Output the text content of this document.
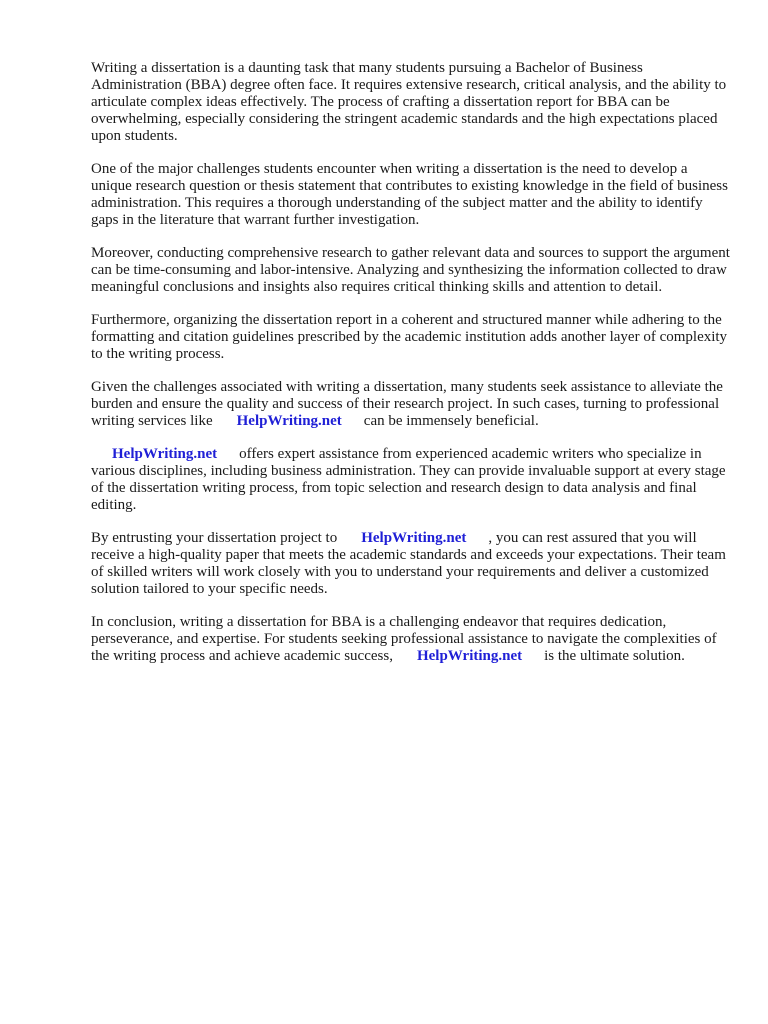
Writing a dissertation is a daunting task that many students pursuing a Bachelor of Business Administration (BBA) degree often face. It requires extensive research, critical analysis, and the ability to articulate complex ideas effectively. The process of crafting a dissertation report for BBA can be overwhelming, especially considering the stringent academic standards and the high expectations placed upon students.

One of the major challenges students encounter when writing a dissertation is the need to develop a unique research question or thesis statement that contributes to existing knowledge in the field of business administration. This requires a thorough understanding of the subject matter and the ability to identify gaps in the literature that warrant further investigation.

Moreover, conducting comprehensive research to gather relevant data and sources to support the argument can be time-consuming and labor-intensive. Analyzing and synthesizing the information collected to draw meaningful conclusions and insights also requires critical thinking skills and attention to detail.

Furthermore, organizing the dissertation report in a coherent and structured manner while adhering to the formatting and citation guidelines prescribed by the academic institution adds another layer of complexity to the writing process.

Given the challenges associated with writing a dissertation, many students seek assistance to alleviate the burden and ensure the quality and success of their research project. In such cases, turning to professional writing services like HelpWriting.net can be immensely beneficial.

HelpWriting.net offers expert assistance from experienced academic writers who specialize in various disciplines, including business administration. They can provide invaluable support at every stage of the dissertation writing process, from topic selection and research design to data analysis and final editing.

By entrusting your dissertation project to HelpWriting.net , you can rest assured that you will receive a high-quality paper that meets the academic standards and exceeds your expectations. Their team of skilled writers will work closely with you to understand your requirements and deliver a customized solution tailored to your specific needs.

In conclusion, writing a dissertation for BBA is a challenging endeavor that requires dedication, perseverance, and expertise. For students seeking professional assistance to navigate the complexities of the writing process and achieve academic success, HelpWriting.net is the ultimate solution.
